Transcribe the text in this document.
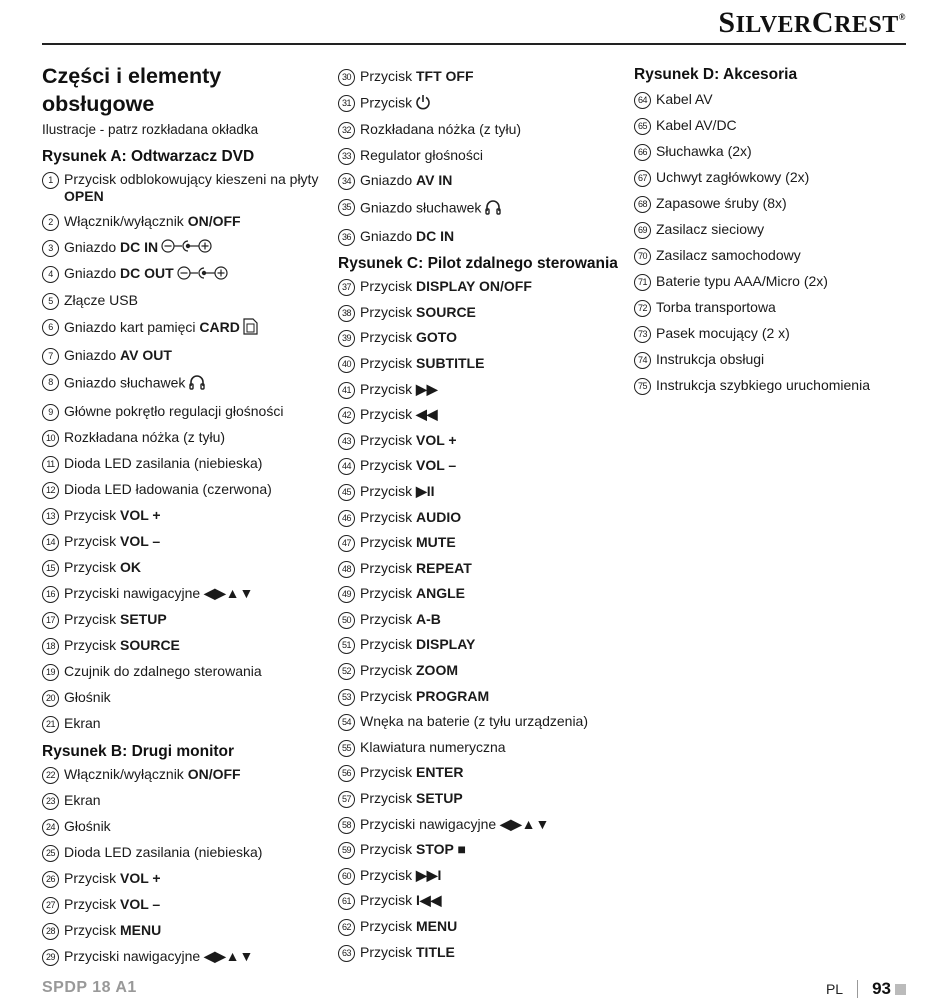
SILVERCREST®
Części i elementy obsługowe

Ilustracje - patrz rozkładana okładka

Rysunek A: Odtwarzacz DVD
1 Przycisk odblokowujący kieszeni na płyty OPEN
2 Włącznik/wyłącznik ON/OFF
3 Gniazdo DC IN
4 Gniazdo DC OUT
5 Złącze USB
6 Gniazdo kart pamięci CARD
7 Gniazdo AV OUT
8 Gniazdo słuchawek
9 Główne pokrętło regulacji głośności
10 Rozkładana nóżka (z tyłu)
11 Dioda LED zasilania (niebieska)
12 Dioda LED ładowania (czerwona)
13 Przycisk VOL +
14 Przycisk VOL –
15 Przycisk OK
16 Przyciski nawigacyjne ◀▶▲▼
17 Przycisk SETUP
18 Przycisk SOURCE
19 Czujnik do zdalnego sterowania
20 Głośnik
21 Ekran
Rysunek B: Drugi monitor
22 Włącznik/wyłącznik ON/OFF
23 Ekran
24 Głośnik
25 Dioda LED zasilania (niebieska)
26 Przycisk VOL +
27 Przycisk VOL –
28 Przycisk MENU
29 Przyciski nawigacyjne ◀▶▲▼
30 Przycisk TFT OFF
31 Przycisk
32 Rozkładana nóżka (z tyłu)
33 Regulator głośności
34 Gniazdo AV IN
35 Gniazdo słuchawek
36 Gniazdo DC IN
Rysunek C: Pilot zdalnego sterowania
37 Przycisk DISPLAY ON/OFF
38 Przycisk SOURCE
39 Przycisk GOTO
40 Przycisk SUBTITLE
41 Przycisk ▶▶
42 Przycisk ◀◀
43 Przycisk VOL +
44 Przycisk VOL –
45 Przycisk ▶II
46 Przycisk AUDIO
47 Przycisk MUTE
48 Przycisk REPEAT
49 Przycisk ANGLE
50 Przycisk A-B
51 Przycisk DISPLAY
52 Przycisk ZOOM
53 Przycisk PROGRAM
54 Wnęka na baterie (z tyłu urządzenia)
55 Klawiatura numeryczna
56 Przycisk ENTER
57 Przycisk SETUP
58 Przyciski nawigacyjne ◀▶▲▼
59 Przycisk STOP ■
60 Przycisk ▶▶I
61 Przycisk I◀◀
62 Przycisk MENU
63 Przycisk TITLE
Rysunek D: Akcesoria
64 Kabel AV
65 Kabel AV/DC
66 Słuchawka (2x)
67 Uchwyt zagłówkowy (2x)
68 Zapasowe śruby (8x)
69 Zasilacz sieciowy
70 Zasilacz samochodowy
71 Baterie typu AAA/Micro (2x)
72 Torba transportowa
73 Pasek mocujący (2 x)
74 Instrukcja obsługi
75 Instrukcja szybkiego uruchomienia
SPDP 18 A1	PL 93
